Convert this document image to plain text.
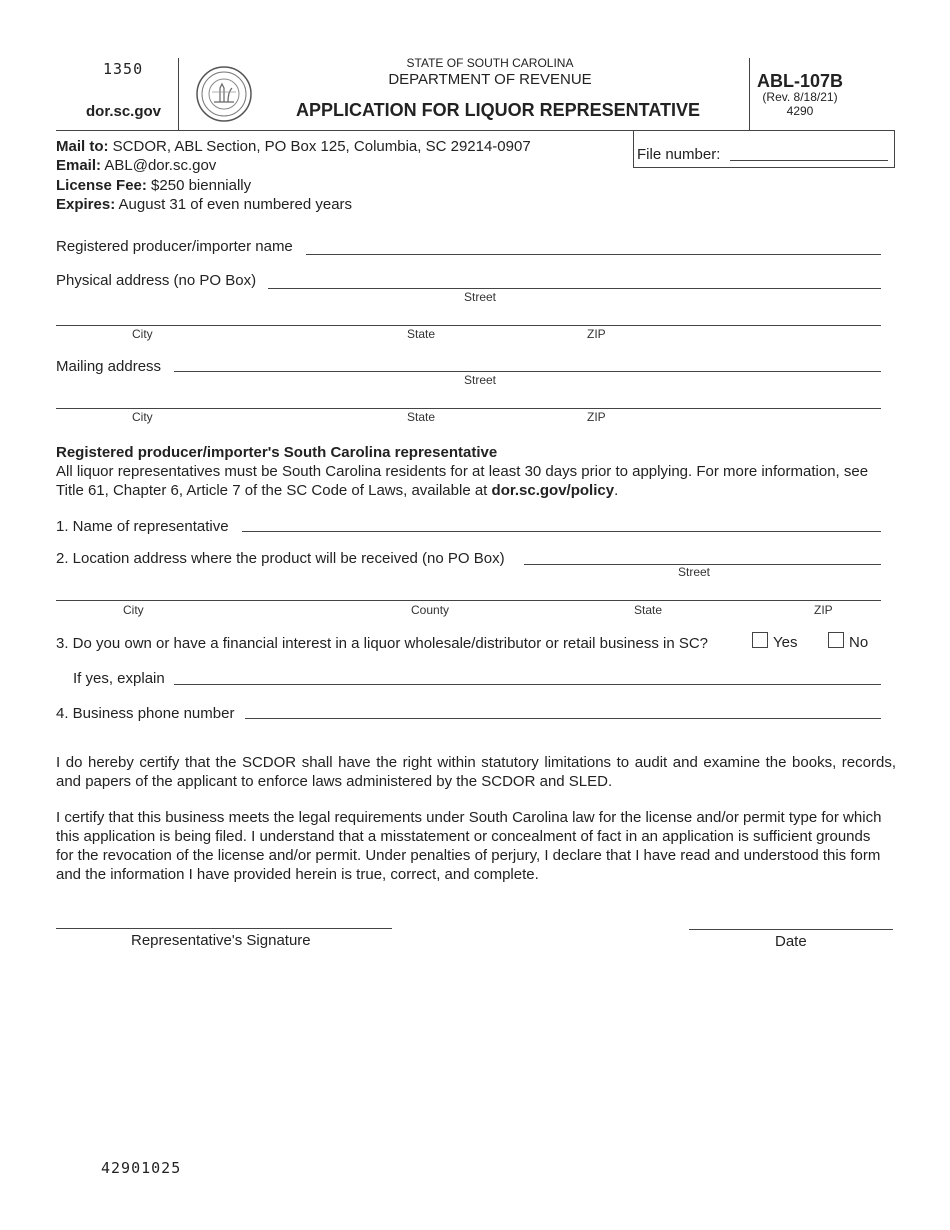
1350
dor.sc.gov
STATE OF SOUTH CAROLINA
DEPARTMENT OF REVENUE
APPLICATION FOR LIQUOR REPRESENTATIVE
ABL-107B
(Rev. 8/18/21)
4290
File number:
Mail to: SCDOR, ABL Section, PO Box 125, Columbia, SC 29214-0907
Email: ABL@dor.sc.gov
License Fee: $250 biennially
Expires: August 31 of even numbered years
Registered producer/importer name
Physical address (no PO Box)
Street
City	State	ZIP
Mailing address
Street
City	State	ZIP
Registered producer/importer's South Carolina representative
All liquor representatives must be South Carolina residents for at least 30 days prior to applying. For more information, see Title 61, Chapter 6, Article 7 of the SC Code of Laws, available at dor.sc.gov/policy.
1. Name of representative
2. Location address where the product will be received (no PO Box)
Street
City	County	State	ZIP
3. Do you own or have a financial interest in a liquor wholesale/distributor or retail business in SC?	Yes	No
If yes, explain
4. Business phone number
I do hereby certify that the SCDOR shall have the right within statutory limitations to audit and examine the books, records, and papers of the applicant to enforce laws administered by the SCDOR and SLED.
I certify that this business meets the legal requirements under South Carolina law for the license and/or permit type for which this application is being filed. I understand that a misstatement or concealment of fact in an application is sufficient grounds for the revocation of the license and/or permit. Under penalties of perjury, I declare that I have read and understood this form and the information I have provided herein is true, correct, and complete.
Representative's Signature	Date
42901025
